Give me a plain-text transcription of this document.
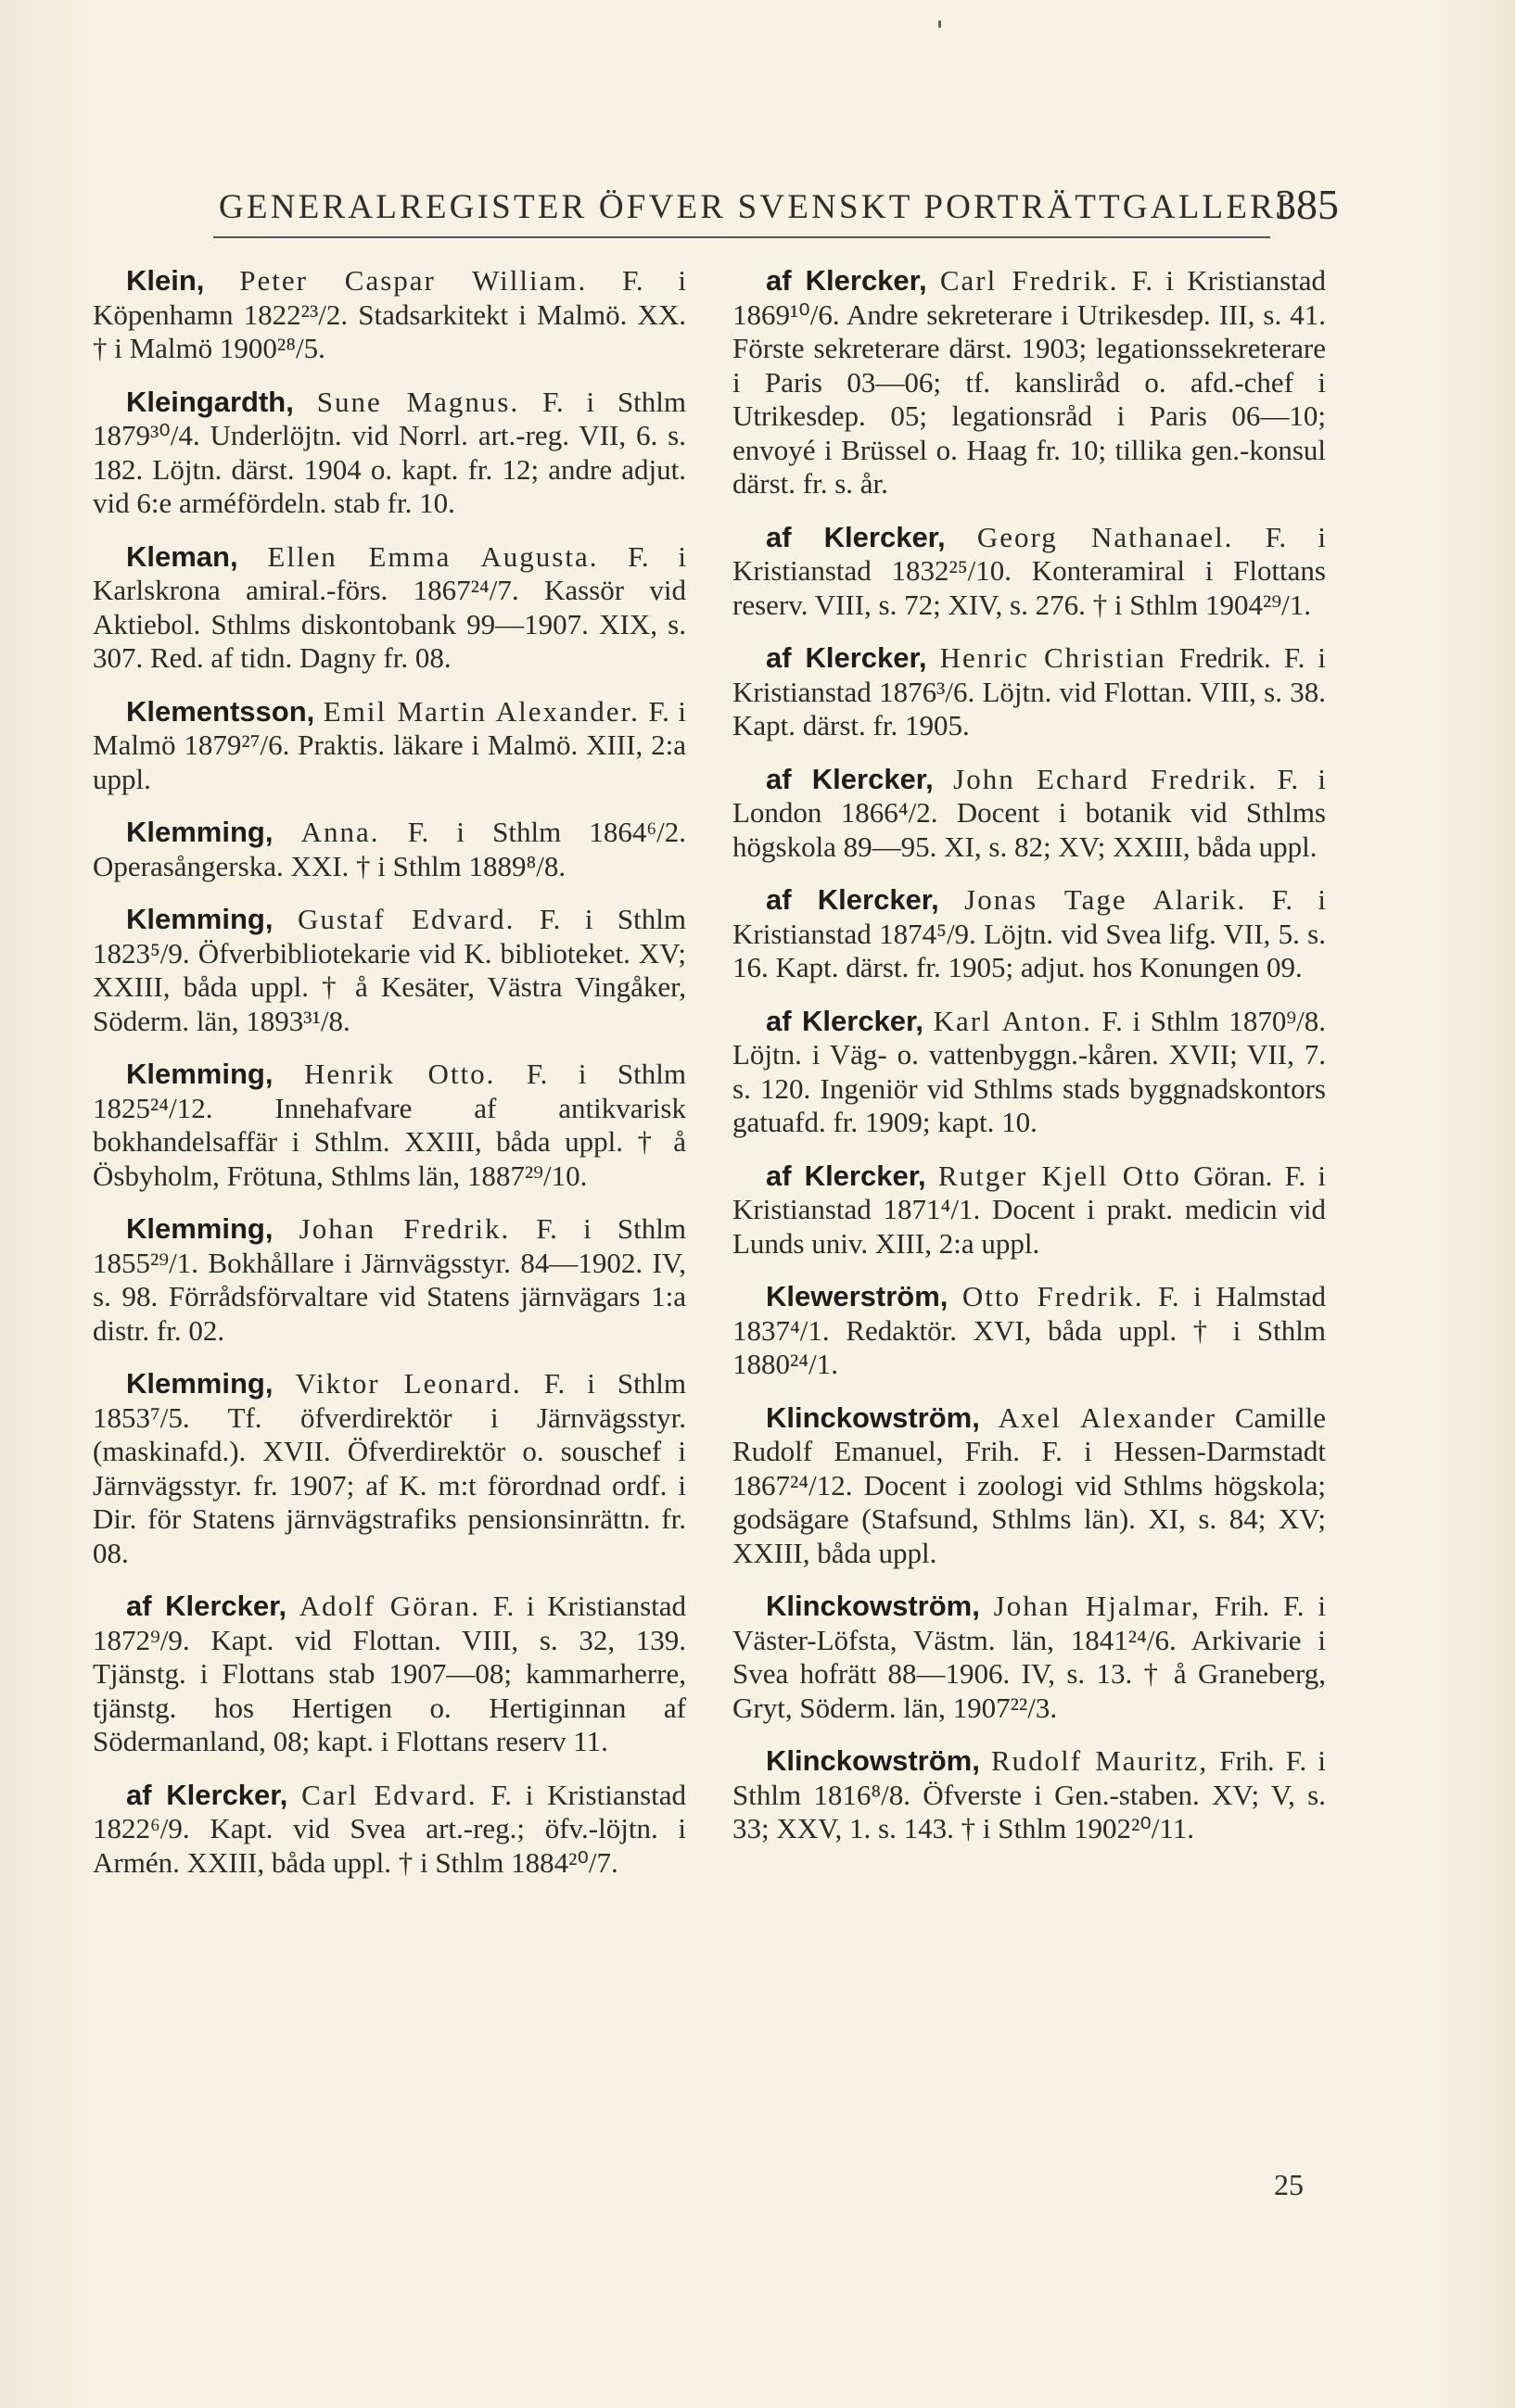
GENERALREGISTER ÖFVER SVENSKT PORTRÄTTGALLERI
385

Klein, Peter Caspar William. F. i Köpenhamn 1822²³/2. Stadsarkitekt i Malmö. XX. † i Malmö 1900²⁸/5.

Kleingardth, Sune Magnus. F. i Sthlm 1879³⁰/4. Underlöjtn. vid Norrl. art.-reg. VII, 6. s. 182. Löjtn. därst. 1904 o. kapt. fr. 12; andre adjut. vid 6:e arméfördeln. stab fr. 10.

Kleman, Ellen Emma Augusta. F. i Karlskrona amiral.-förs. 1867²⁴/7. Kassör vid Aktiebol. Sthlms diskontobank 99—1907. XIX, s. 307. Red. af tidn. Dagny fr. 08.

Klementsson, Emil Martin Alexander. F. i Malmö 1879²⁷/6. Praktis. läkare i Malmö. XIII, 2:a uppl.

Klemming, Anna. F. i Sthlm 1864⁶/2. Operasångerska. XXI. † i Sthlm 1889⁸/8.

Klemming, Gustaf Edvard. F. i Sthlm 1823⁵/9. Öfverbibliotekarie vid K. biblioteket. XV; XXIII, båda uppl. † å Kesäter, Västra Vingåker, Söderm. län, 1893³¹/8.

Klemming, Henrik Otto. F. i Sthlm 1825²⁴/12. Innehafvare af antikvarisk bokhandelsaffär i Sthlm. XXIII, båda uppl. † å Ösbyholm, Frötuna, Sthlms län, 1887²⁹/10.

Klemming, Johan Fredrik. F. i Sthlm 1855²⁹/1. Bokhållare i Järnvägsstyr. 84—1902. IV, s. 98. Förrådsförvaltare vid Statens järnvägars 1:a distr. fr. 02.

Klemming, Viktor Leonard. F. i Sthlm 1853⁷/5. Tf. öfverdirektör i Järnvägsstyr. (maskinafd.). XVII. Öfverdirektör o. souschef i Järnvägsstyr. fr. 1907; af K. m:t förordnad ordf. i Dir. för Statens järnvägstrafiks pensionsinrättn. fr. 08.

af Klercker, Adolf Göran. F. i Kristianstad 1872⁹/9. Kapt. vid Flottan. VIII, s. 32, 139. Tjänstg. i Flottans stab 1907—08; kammarherre, tjänstg. hos Hertigen o. Hertiginnan af Södermanland, 08; kapt. i Flottans reserv 11.

af Klercker, Carl Edvard. F. i Kristianstad 1822⁶/9. Kapt. vid Svea art.-reg.; öfv.-löjtn. i Armén. XXIII, båda uppl. † i Sthlm 1884²⁰/7.

af Klercker, Carl Fredrik. F. i Kristianstad 1869¹⁰/6. Andre sekreterare i Utrikesdep. III, s. 41. Förste sekreterare därst. 1903; legationssekreterare i Paris 03—06; tf. kansliråd o. afd.-chef i Utrikesdep. 05; legationsråd i Paris 06—10; envoyé i Brüssel o. Haag fr. 10; tillika gen.-konsul därst. fr. s. år.

af Klercker, Georg Nathanael. F. i Kristianstad 1832²⁵/10. Konteramiral i Flottans reserv. VIII, s. 72; XIV, s. 276. † i Sthlm 1904²⁹/1.

af Klercker, Henric Christian Fredrik. F. i Kristianstad 1876³/6. Löjtn. vid Flottan. VIII, s. 38. Kapt. därst. fr. 1905.

af Klercker, John Echard Fredrik. F. i London 1866⁴/2. Docent i botanik vid Sthlms högskola 89—95. XI, s. 82; XV; XXIII, båda uppl.

af Klercker, Jonas Tage Alarik. F. i Kristianstad 1874⁵/9. Löjtn. vid Svea lifg. VII, 5. s. 16. Kapt. därst. fr. 1905; adjut. hos Konungen 09.

af Klercker, Karl Anton. F. i Sthlm 1870⁹/8. Löjtn. i Väg- o. vattenbyggn.-kåren. XVII; VII, 7. s. 120. Ingeniör vid Sthlms stads byggnadskontors gatuafd. fr. 1909; kapt. 10.

af Klercker, Rutger Kjell Otto Göran. F. i Kristianstad 1871⁴/1. Docent i prakt. medicin vid Lunds univ. XIII, 2:a uppl.

Klewerström, Otto Fredrik. F. i Halmstad 1837⁴/1. Redaktör. XVI, båda uppl. † i Sthlm 1880²⁴/1.

Klinckowström, Axel Alexander Camille Rudolf Emanuel, Frih. F. i Hessen-Darmstadt 1867²⁴/12. Docent i zoologi vid Sthlms högskola; godsägare (Stafsund, Sthlms län). XI, s. 84; XV; XXIII, båda uppl.

Klinckowström, Johan Hjalmar, Frih. F. i Väster-Löfsta, Västm. län, 1841²⁴/6. Arkivarie i Svea hofrätt 88—1906. IV, s. 13. † å Graneberg, Gryt, Söderm. län, 1907²²/3.

Klinckowström, Rudolf Mauritz, Frih. F. i Sthlm 1816⁸/8. Öfverste i Gen.-staben. XV; V, s. 33; XXV, 1. s. 143. † i Sthlm 1902²⁰/11.

25
